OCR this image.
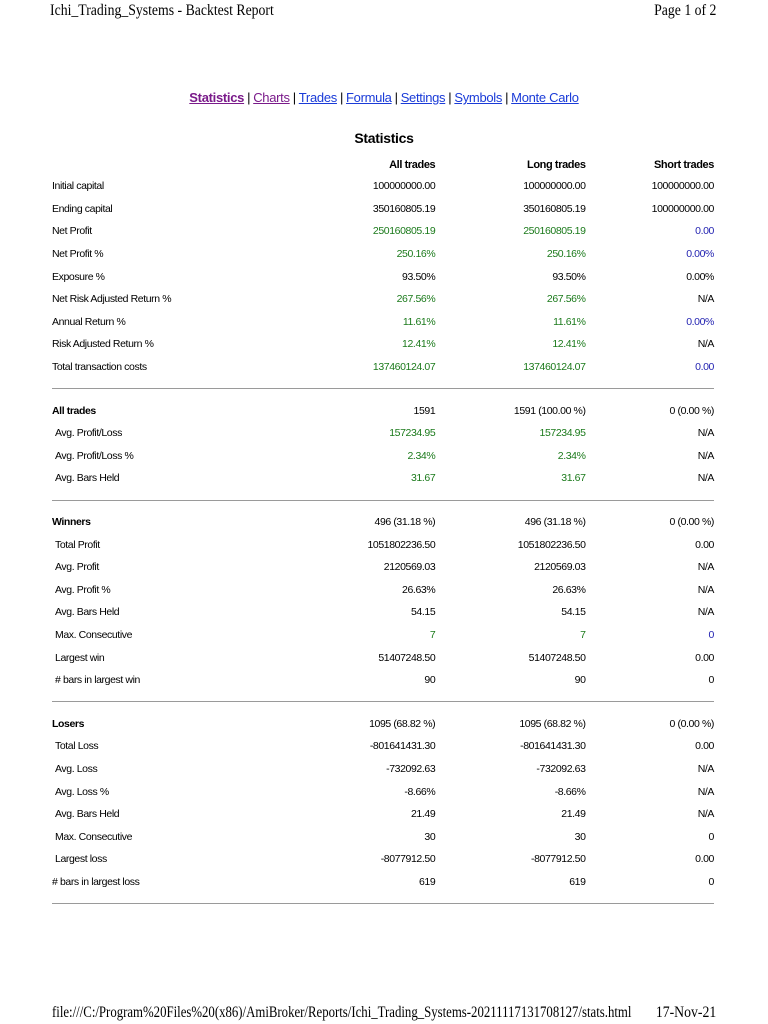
Ichi_Trading_Systems - Backtest Report	Page 1 of 2
Statistics | Charts | Trades | Formula | Settings | Symbols | Monte Carlo
Statistics
	All trades	Long trades	Short trades
Initial capital	100000000.00	100000000.00	100000000.00
Ending capital	350160805.19	350160805.19	100000000.00
Net Profit	250160805.19	250160805.19	0.00
Net Profit %	250.16%	250.16%	0.00%
Exposure %	93.50%	93.50%	0.00%
Net Risk Adjusted Return %	267.56%	267.56%	N/A
Annual Return %	11.61%	11.61%	0.00%
Risk Adjusted Return %	12.41%	12.41%	N/A
Total transaction costs	137460124.07	137460124.07	0.00

All trades	1591	1591 (100.00 %)	0 (0.00 %)
Avg. Profit/Loss	157234.95	157234.95	N/A
Avg. Profit/Loss %	2.34%	2.34%	N/A
Avg. Bars Held	31.67	31.67	N/A

Winners	496 (31.18 %)	496 (31.18 %)	0 (0.00 %)
Total Profit	1051802236.50	1051802236.50	0.00
Avg. Profit	2120569.03	2120569.03	N/A
Avg. Profit %	26.63%	26.63%	N/A
Avg. Bars Held	54.15	54.15	N/A
Max. Consecutive	7	7	0
Largest win	51407248.50	51407248.50	0.00
# bars in largest win	90	90	0

Losers	1095 (68.82 %)	1095 (68.82 %)	0 (0.00 %)
Total Loss	-801641431.30	-801641431.30	0.00
Avg. Loss	-732092.63	-732092.63	N/A
Avg. Loss %	-8.66%	-8.66%	N/A
Avg. Bars Held	21.49	21.49	N/A
Max. Consecutive	30	30	0
Largest loss	-8077912.50	-8077912.50	0.00
# bars in largest loss	619	619	0

file:///C:/Program%20Files%20(x86)/AmiBroker/Reports/Ichi_Trading_Systems-20211117131708127/stats.html 17-Nov-21
